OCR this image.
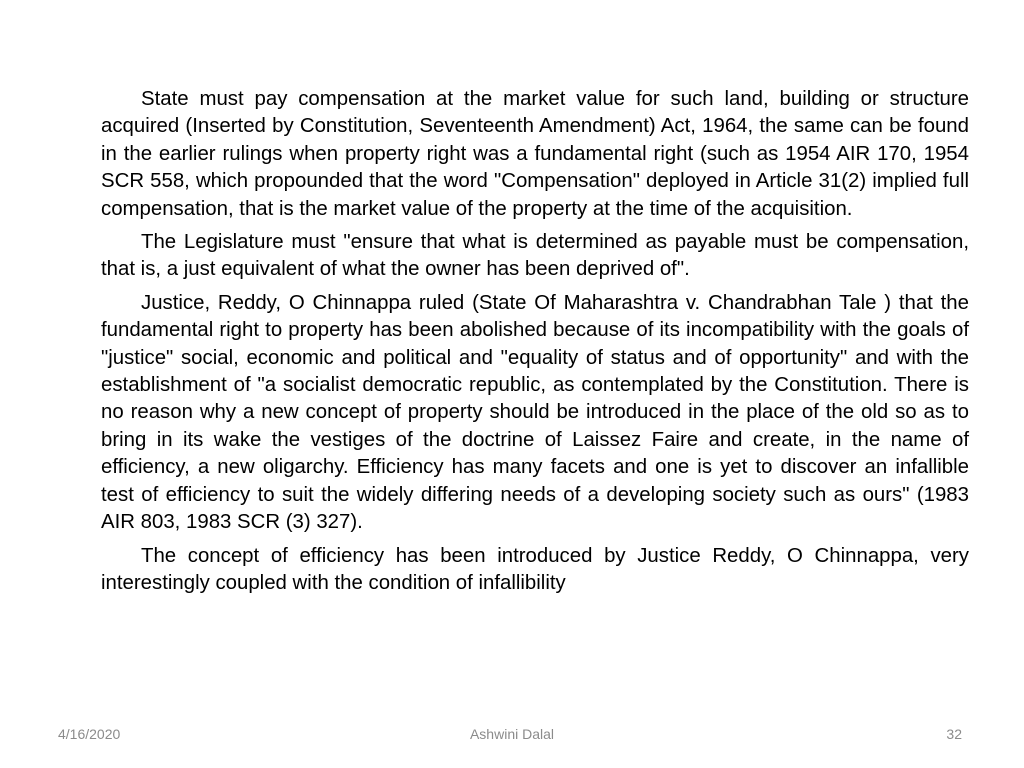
State must pay compensation at the market value for such land, building or structure acquired (Inserted by Constitution, Seventeenth Amendment) Act, 1964, the same can be found in the earlier rulings when property right was a fundamental right (such as 1954 AIR 170, 1954 SCR 558, which propounded that the word "Compensation" deployed in Article 31(2) implied full compensation, that is the market value of the property at the time of the acquisition.

The Legislature must "ensure that what is determined as payable must be compensation, that is, a just equivalent of what the owner has been deprived of".

Justice, Reddy, O Chinnappa ruled (State Of Maharashtra v. Chandrabhan Tale ) that the fundamental right to property has been abolished because of its incompatibility with the goals of "justice" social, economic and political and "equality of status and of opportunity" and with the establishment of "a socialist democratic republic, as contemplated by the Constitution. There is no reason why a new concept of property should be introduced in the place of the old so as to bring in its wake the vestiges of the doctrine of Laissez Faire and create, in the name of efficiency, a new oligarchy. Efficiency has many facets and one is yet to discover an infallible test of efficiency to suit the widely differing needs of a developing society such as ours" (1983 AIR 803, 1983 SCR (3) 327).

The concept of efficiency has been introduced by Justice Reddy, O Chinnappa, very interestingly coupled with the condition of infallibility

4/16/2020	Ashwini Dalal	32
